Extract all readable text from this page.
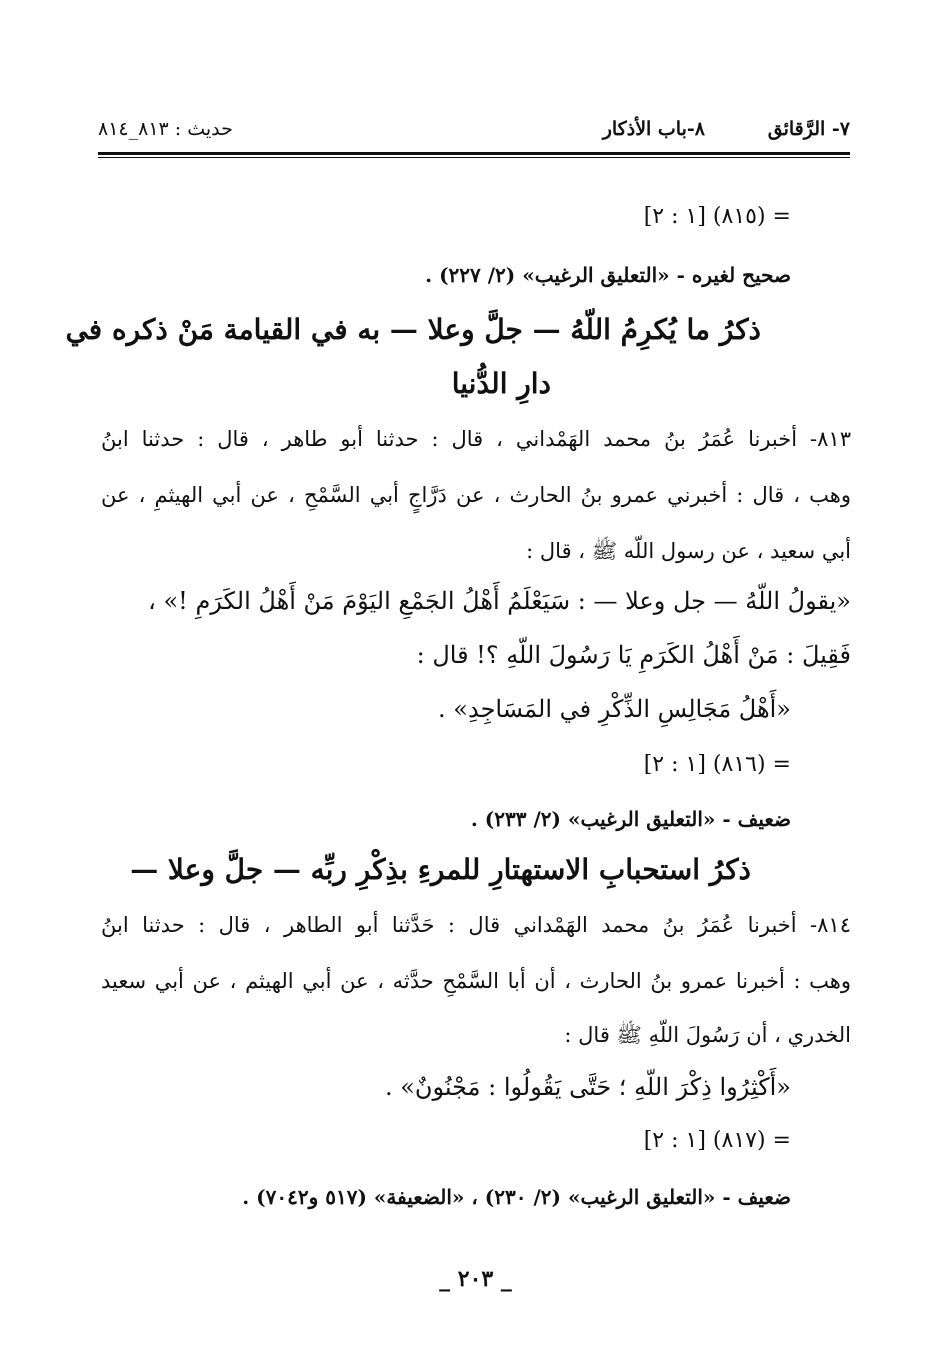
٧- الرَّقائق
٨-باب الأذكار
حديث : ٨١٣_٨١٤
= (٨١٥) [١ : ٢]
صحيح لغيره - «التعليق الرغيب» (٢/ ٢٢٧) .
ذكرُ ما يُكرِمُ اللّهُ — جلَّ وعلا — به في القيامة مَنْ ذكره في
دارِ الدُّنيا
٨١٣- أخبرنا عُمَرُ بنُ محمد الهَمْداني ، قال : حدثنا أبو طاهر ، قال : حدثنا ابنُ
وهب ، قال : أخبرني عمرو بنُ الحارث ، عن دَرَّاجٍ أبي السَّمْحِ ، عن أبي الهيثمِ ، عن
أبي سعيد ، عن رسول اللّه ﷺ ، قال :
«يقولُ اللّهُ — جل وعلا — : سَيَعْلَمُ أَهْلُ الجَمْعِ اليَوْمَ مَنْ أَهْلُ الكَرَمِ !» ،
فَقِيلَ : مَنْ أَهْلُ الكَرَمِ يَا رَسُولَ اللّهِ ؟! قال :
«أَهْلُ مَجَالِسِ الذِّكْرِ في المَسَاجِدِ» .
= (٨١٦) [١ : ٢]
ضعيف - «التعليق الرغيب» (٢/ ٢٣٣) .
ذكرُ استحبابِ الاستهتارِ للمرءِ بذِكْرِ ربِّه — جلَّ وعلا —
٨١٤- أخبرنا عُمَرُ بنُ محمد الهَمْداني قال : حَدَّثنا أبو الطاهر ، قال : حدثنا ابنُ
وهب : أخبرنا عمرو بنُ الحارث ، أن أبا السَّمْحِ حدَّثه ، عن أبي الهيثم ، عن أبي سعيد
الخدري ، أن رَسُولَ اللّهِ ﷺ قال :
«أَكْثِرُوا ذِكْرَ اللّهِ ؛ حَتَّى يَقُولُوا : مَجْنُونٌ» .
= (٨١٧) [١ : ٢]
ضعيف - «التعليق الرغيب» (٢/ ٢٣٠) ، «الضعيفة» (٥١٧ و٧٠٤٢) .
_ ٢٠٣ _
